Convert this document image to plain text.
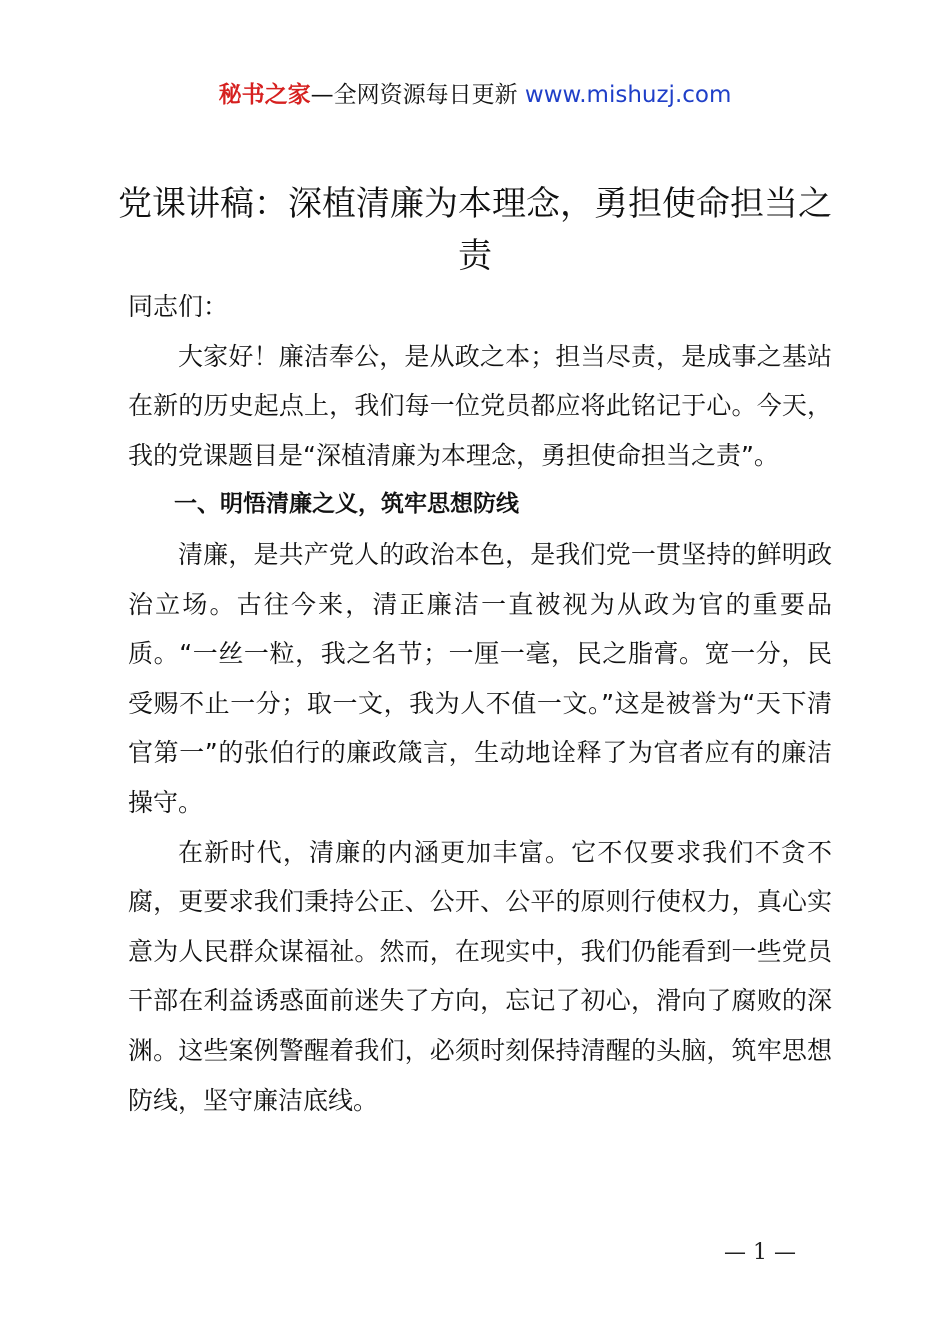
秘书之家—全网资源每日更新 www.mishuzj.com
党课讲稿：深植清廉为本理念，勇担使命担当之责

同志们：

大家好！廉洁奉公，是从政之本；担当尽责，是成事之基站在新的历史起点上，我们每一位党员都应将此铭记于心。今天，我的党课题目是“深植清廉为本理念，勇担使命担当之责”。

一、明悟清廉之义，筑牢思想防线

清廉，是共产党人的政治本色，是我们党一贯坚持的鲜明政治立场。古往今来，清正廉洁一直被视为从政为官的重要品质。“一丝一粒，我之名节；一厘一毫，民之脂膏。宽一分，民受赐不止一分；取一文，我为人不值一文。”这是被誉为“天下清官第一”的张伯行的廉政箴言，生动地诠释了为官者应有的廉洁操守。

在新时代，清廉的内涵更加丰富。它不仅要求我们不贪不腐，更要求我们秉持公正、公开、公平的原则行使权力，真心实意为人民群众谋福祉。然而，在现实中，我们仍能看到一些党员干部在利益诱惑面前迷失了方向，忘记了初心，滑向了腐败的深渊。这些案例警醒着我们，必须时刻保持清醒的头脑，筑牢思想防线，坚守廉洁底线。

— 1 —
